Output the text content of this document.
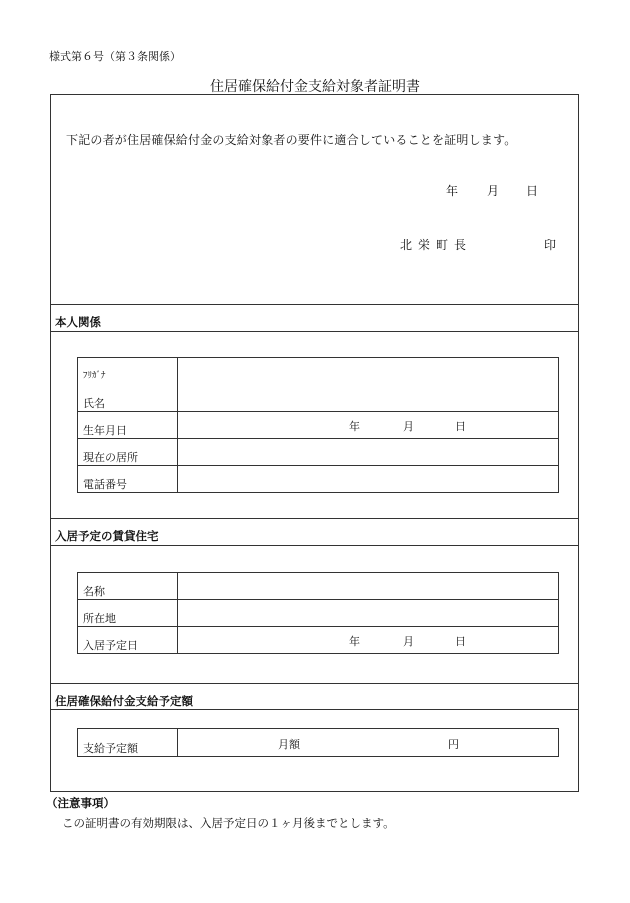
様式第６号（第３条関係）
住居確保給付金支給対象者証明書
下記の者が住居確保給付金の支給対象者の要件に適合していることを証明します。
年 月 日
北栄町長	印
本人関係
ﾌﾘｶﾞﾅ
氏名	
生年月日	年 月 日

現在の居所	
電話番号	
入居予定の賃貸住宅
名称	
所在地	
入居予定日	年 月 日
住居確保給付金支給予定額
支給予定額	月額	円
（注意事項）
この証明書の有効期限は、入居予定日の１ヶ月後までとします。
